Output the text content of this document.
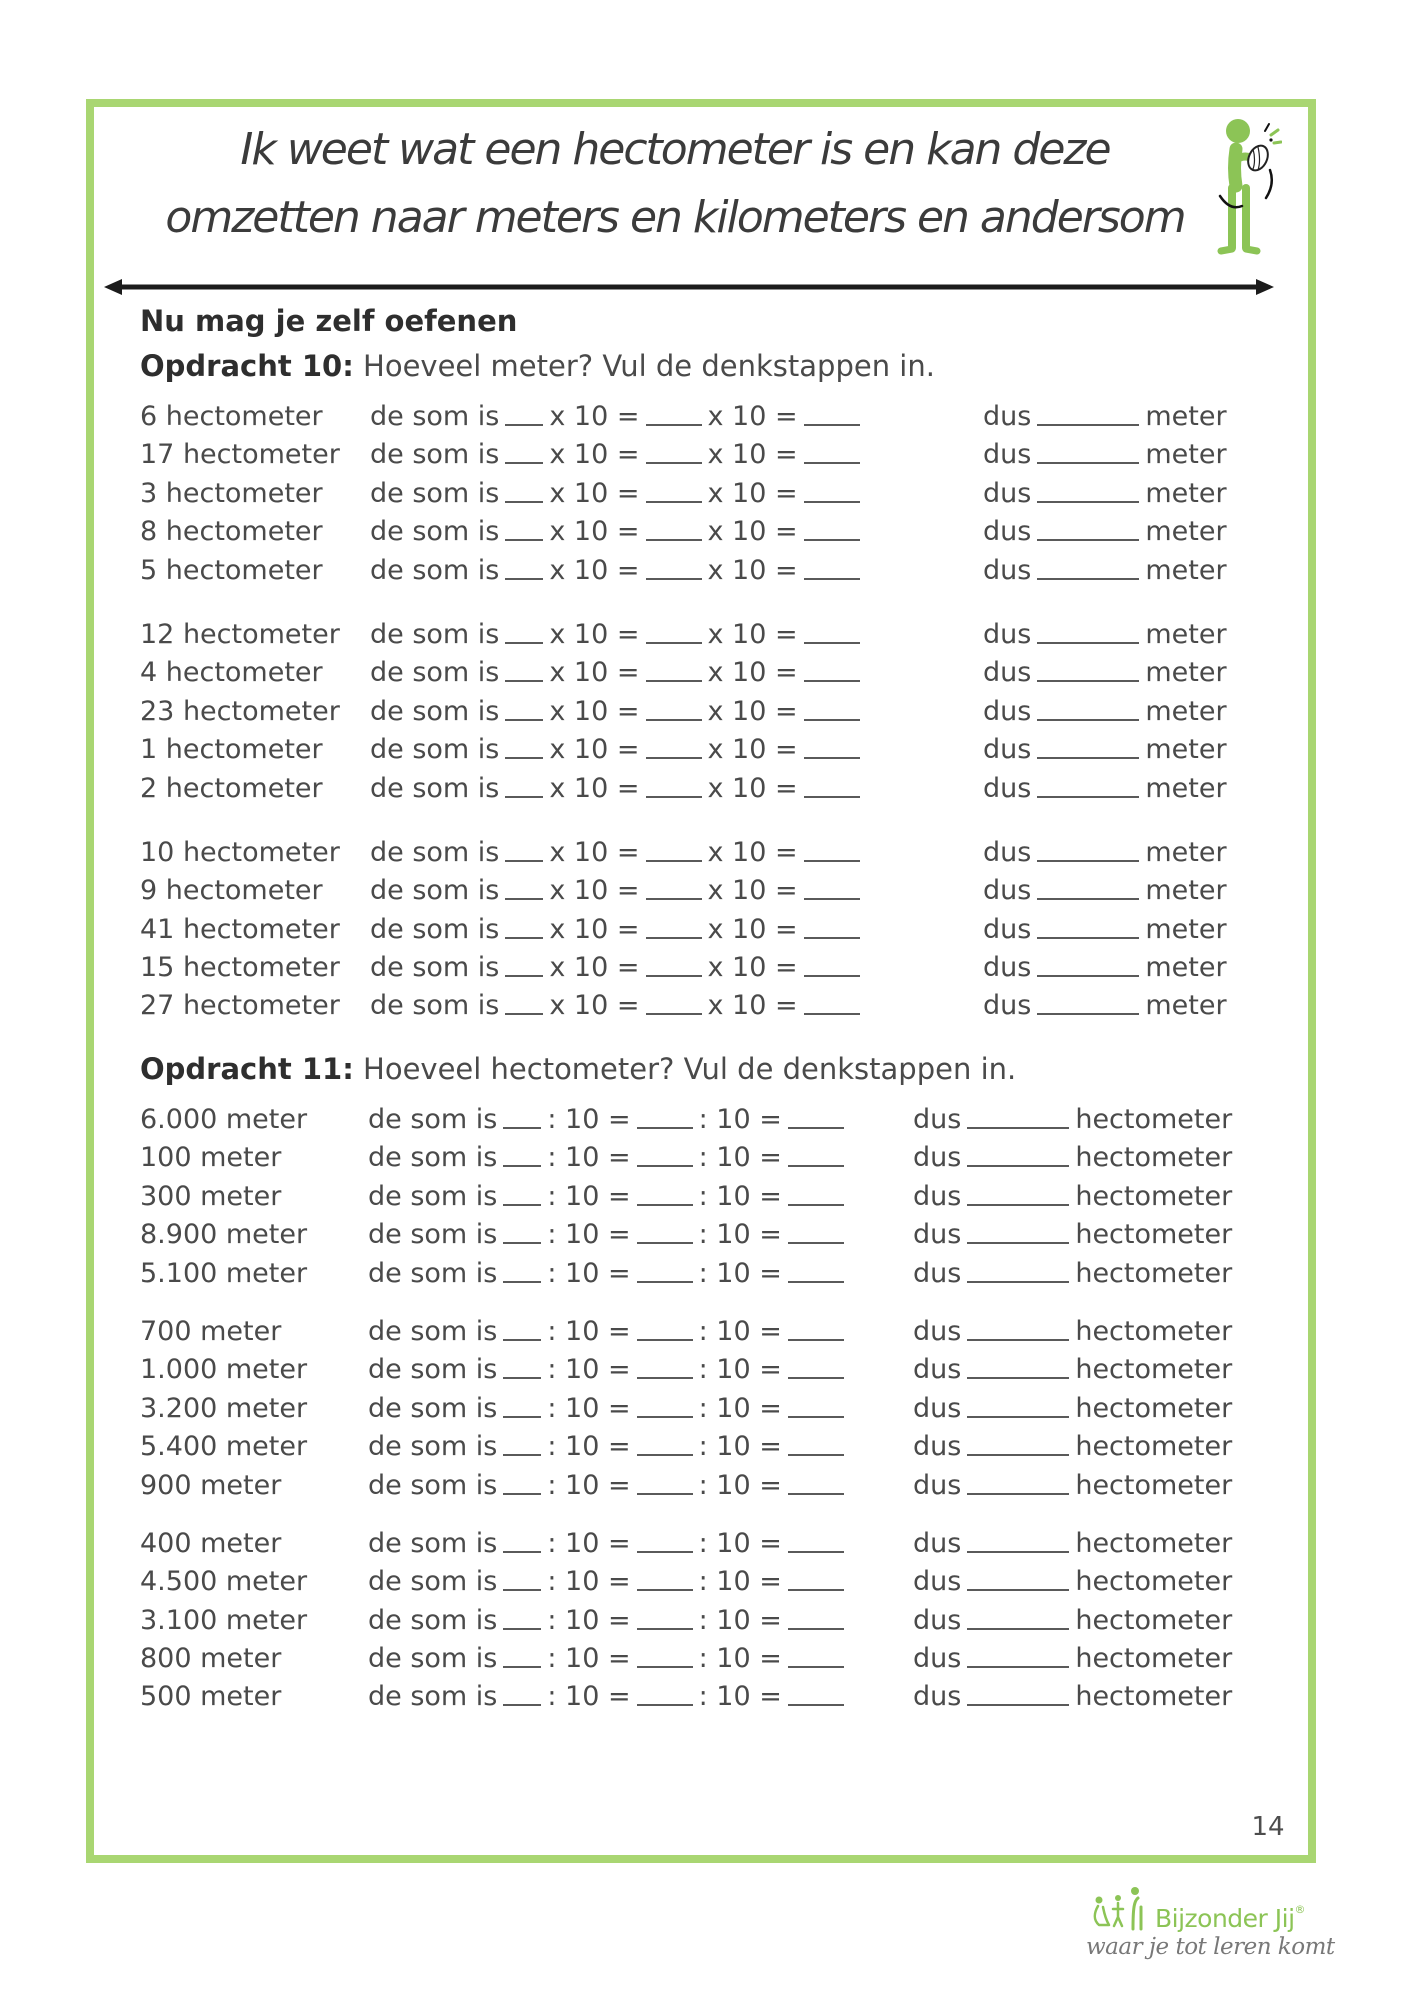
Ik weet wat een hectometer is en kan deze
omzetten naar meters en kilometers en andersom
Nu mag je zelf oefenen
Opdracht 10: Hoeveel meter? Vul de denkstappen in.
6 hectometer de som is x 10 =	x 10 =	dus	meter
17 hectometer de som is x 10 =	x 10 =	dus	meter
3 hectometer de som is x 10 =	x 10 =	dus	meter
8 hectometer de som is x 10 =	x 10 =	dus	meter
5 hectometer de som is x 10 =	x 10 =	dus	meter
12 hectometer de som is x 10 =	x 10 =	dus	meter
4 hectometer de som is x 10 =	x 10 =	dus	meter
23 hectometer de som is x 10 =	x 10 =	dus	meter
1 hectometer de som is x 10 =	x 10 =	dus	meter
2 hectometer de som is x 10 =	x 10 =	dus	meter
10 hectometer de som is x 10 =	x 10 =	dus	meter
9 hectometer de som is x 10 =	x 10 =	dus	meter
41 hectometer de som is x 10 =	x 10 =	dus	meter
15 hectometer de som is x 10 =	x 10 =	dus	meter
27 hectometer de som is x 10 =	x 10 =	dus	meter
Opdracht 11: Hoeveel hectometer? Vul de denkstappen in.
6.000 meter de som is : 10 =	: 10 =	dus	hectometer
100 meter	de som is : 10 =	: 10 =	dus	hectometer
300 meter	de som is : 10 =	: 10 =	dus	hectometer
8.900 meter de som is : 10 =	: 10 =	dus	hectometer
5.100 meter de som is : 10 =	: 10 =	dus	hectometer
700 meter	de som is : 10 =	: 10 =	dus	hectometer
1.000 meter de som is : 10 =	: 10 =	dus	hectometer
3.200 meter de som is : 10 =	: 10 =	dus	hectometer
5.400 meter de som is : 10 =	: 10 =	dus	hectometer
900 meter	de som is : 10 =	: 10 =	dus	hectometer
400 meter	de som is : 10 =	: 10 =	dus	hectometer
4.500 meter de som is : 10 =	: 10 =	dus	hectometer
3.100 meter de som is : 10 =	: 10 =	dus	hectometer
800 meter	de som is : 10 =	: 10 =	dus	hectometer
500 meter	de som is : 10 =	: 10 =	dus	hectometer
14
Bijzonder Jij®
waar je tot leren komt
